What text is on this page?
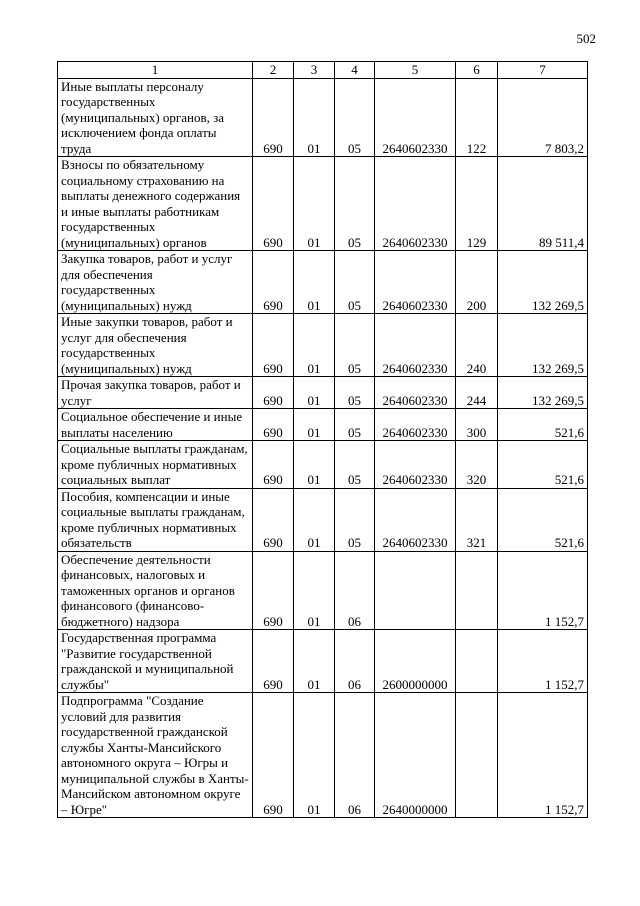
502
1	2	3	4	5	6	7
Иные выплаты персоналу государственных (муниципальных) органов, за исключением фонда оплаты труда	690	01	05	2640602330	122	7 803,2
Взносы по обязательному социальному страхованию на выплаты денежного содержания и иные выплаты работникам государственных (муниципальных) органов	690	01	05	2640602330	129	89 511,4
Закупка товаров, работ и услуг для обеспечения государственных (муниципальных) нужд	690	01	05	2640602330	200	132 269,5
Иные закупки товаров, работ и услуг для обеспечения государственных (муниципальных) нужд	690	01	05	2640602330	240	132 269,5
Прочая закупка товаров, работ и услуг	690	01	05	2640602330	244	132 269,5
Социальное обеспечение и иные выплаты населению	690	01	05	2640602330	300	521,6
Социальные выплаты гражданам, кроме публичных нормативных социальных выплат	690	01	05	2640602330	320	521,6
Пособия, компенсации и иные социальные выплаты гражданам, кроме публичных нормативных обязательств	690	01	05	2640602330	321	521,6
Обеспечение деятельности финансовых, налоговых и таможенных органов и органов финансового (финансово-бюджетного) надзора	690	01	06			1 152,7
Государственная программа "Развитие государственной гражданской и муниципальной службы"	690	01	06	2600000000		1 152,7
Подпрограмма "Создание условий для развития государственной гражданской службы Ханты-Мансийского автономного округа – Югры и муниципальной службы в Ханты-Мансийском автономном округе – Югре"	690	01	06	2640000000		1 152,7
